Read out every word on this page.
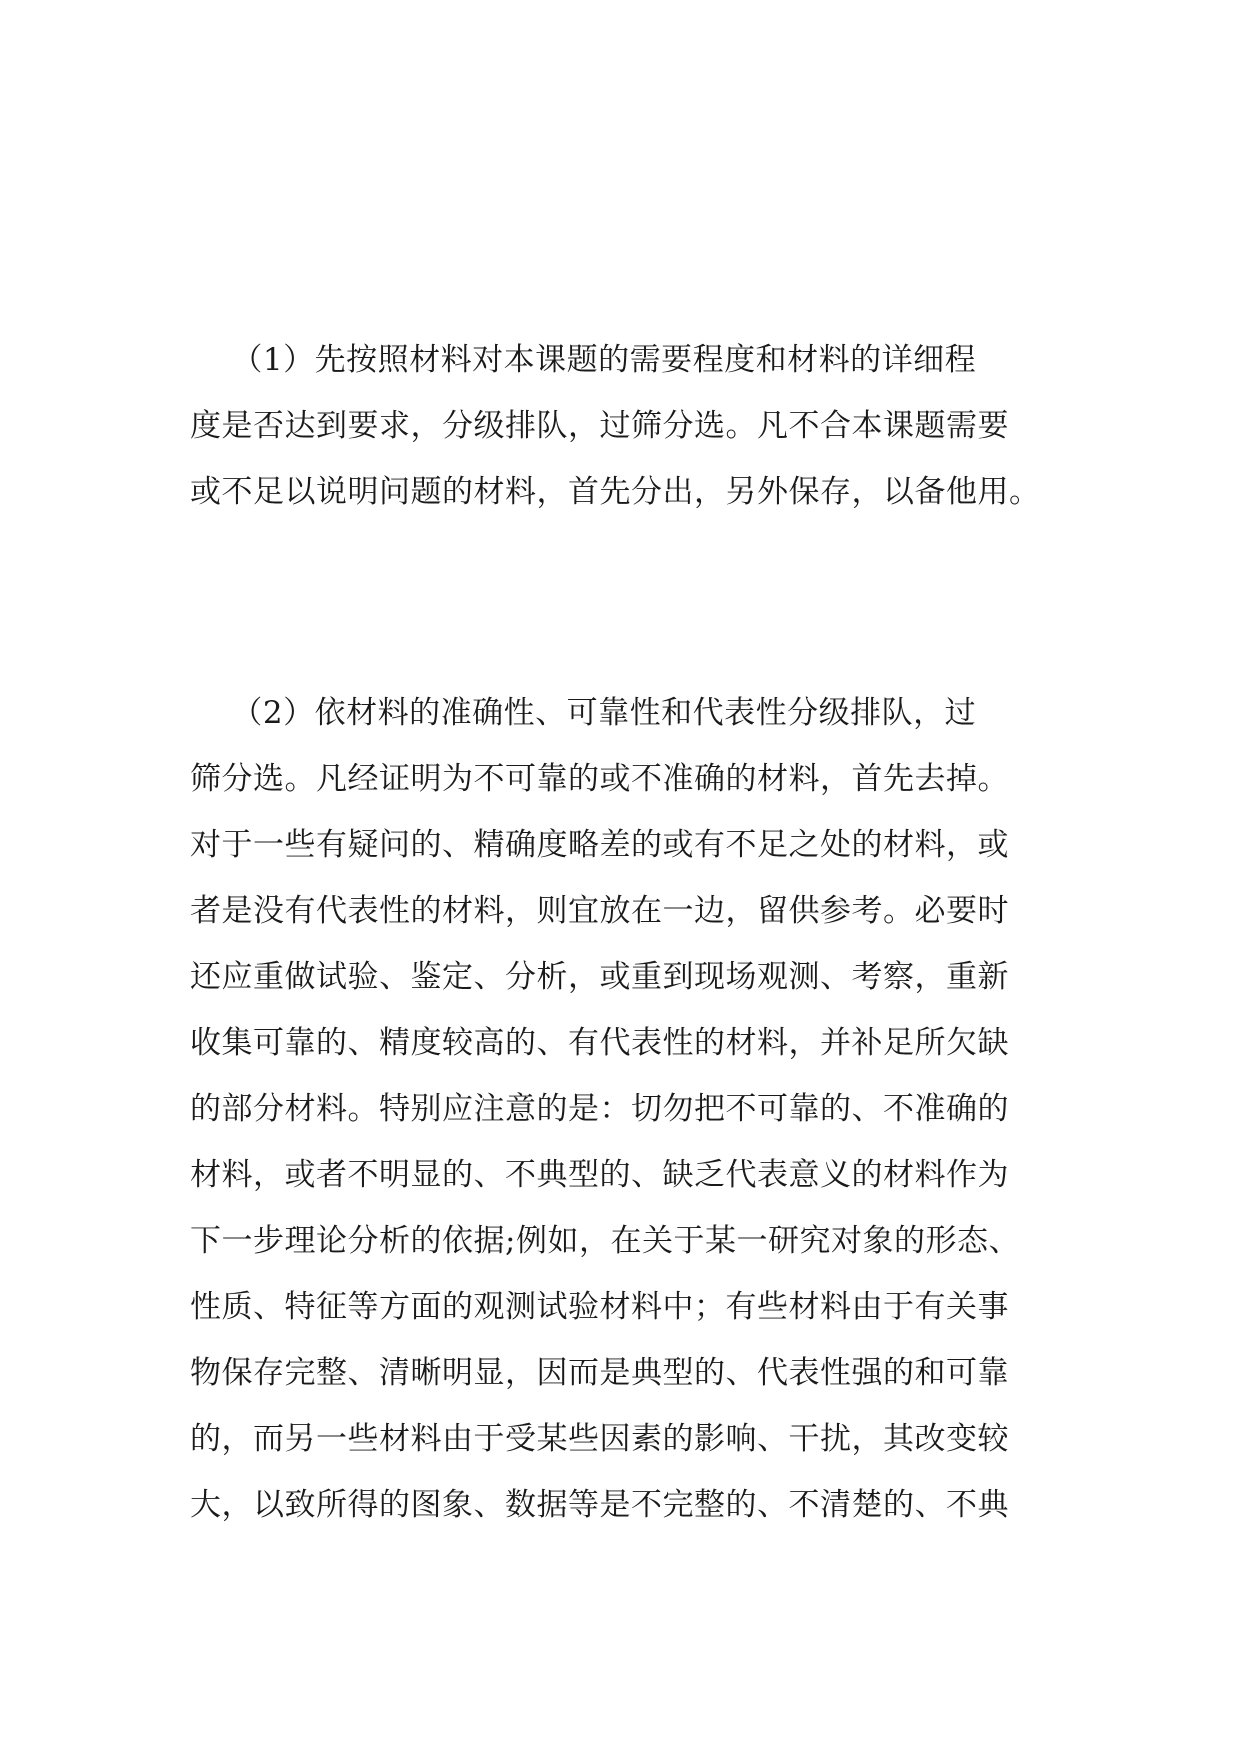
（1）先按照材料对本课题的需要程度和材料的详细程
度是否达到要求，分级排队，过筛分选。凡不合本课题需要
或不足以说明问题的材料，首先分出，另外保存，以备他用。
（2）依材料的准确性、可靠性和代表性分级排队，过
筛分选。凡经证明为不可靠的或不准确的材料，首先去掉。
对于一些有疑问的、精确度略差的或有不足之处的材料，或
者是没有代表性的材料，则宜放在一边，留供参考。必要时
还应重做试验、鉴定、分析，或重到现场观测、考察，重新
收集可靠的、精度较高的、有代表性的材料，并补足所欠缺
的部分材料。特别应注意的是：切勿把不可靠的、不准确的
材料，或者不明显的、不典型的、缺乏代表意义的材料作为
下一步理论分析的依据;例如，在关于某一研究对象的形态、
性质、特征等方面的观测试验材料中；有些材料由于有关事
物保存完整、清晰明显，因而是典型的、代表性强的和可靠
的，而另一些材料由于受某些因素的影响、干扰，其改变较
大，以致所得的图象、数据等是不完整的、不清楚的、不典
